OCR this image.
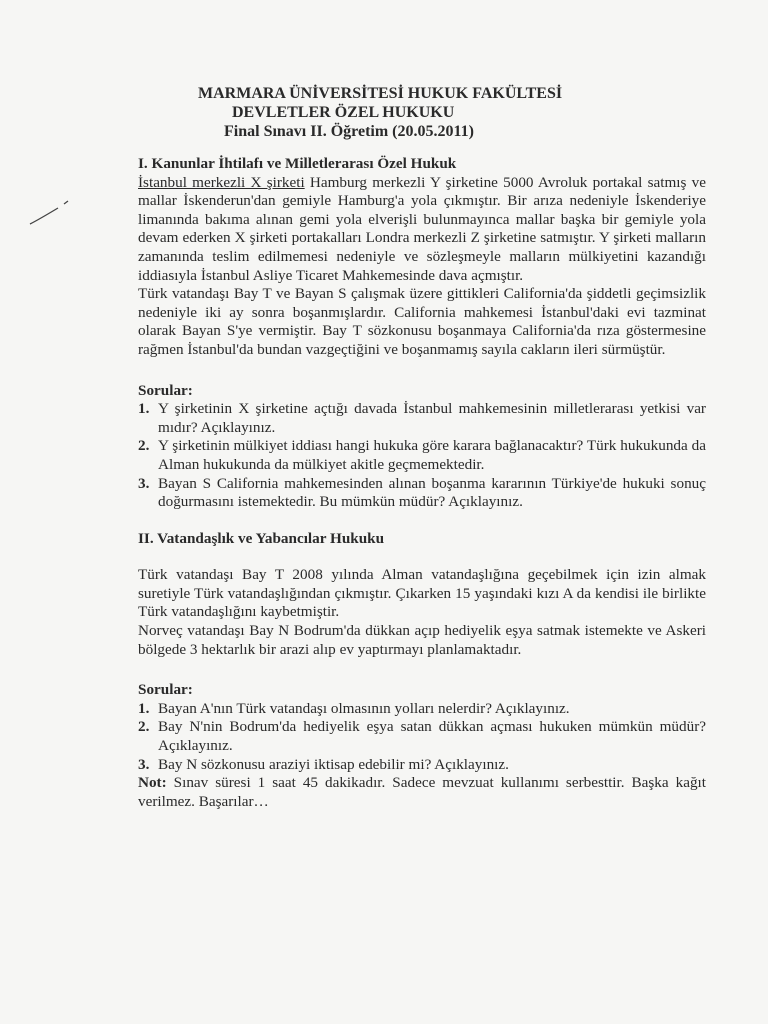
MARMARA ÜNİVERSİTESİ HUKUK FAKÜLTESİ
DEVLETLER ÖZEL HUKUKU
Final Sınavı II. Öğretim (20.05.2011)

I. Kanunlar İhtilafı ve Milletlerarası Özel Hukuk

İstanbul merkezli X şirketi Hamburg merkezli Y şirketine 5000 Avroluk portakal satmış ve mallar İskenderun'dan gemiyle Hamburg'a yola çıkmıştır. Bir arıza nedeniyle İskenderiye limanında bakıma alınan gemi yola elverişli bulunmayınca mallar başka bir gemiyle yola devam ederken X şirketi portakalları Londra merkezli Z şirketine satmıştır. Y şirketi malların zamanında teslim edilmemesi nedeniyle ve sözleşmeyle malların mülkiyetini kazandığı iddiasıyla İstanbul Asliye Ticaret Mahkemesinde dava açmıştır.

Türk vatandaşı Bay T ve Bayan S çalışmak üzere gittikleri California'da şiddetli geçimsizlik nedeniyle iki ay sonra boşanmışlardır. California mahkemesi İstanbul'daki evi tazminat olarak Bayan S'ye vermiştir. Bay T sözkonusu boşanmaya California'da rıza göstermesine rağmen İstanbul'da bundan vazgeçtiğini ve boşanmamış sayıla cakların ileri sürmüştür.

Sorular:

1. Y şirketinin X şirketine açtığı davada İstanbul mahkemesinin milletlerarası yetkisi var mıdır? Açıklayınız.
2. Y şirketinin mülkiyet iddiası hangi hukuka göre karara bağlanacaktır? Türk hukukunda da Alman hukukunda da mülkiyet akitle geçmemektedir.
3. Bayan S California mahkemesinden alınan boşanma kararının Türkiye'de hukuki sonuç doğurmasını istemektedir. Bu mümkün müdür? Açıklayınız.

II. Vatandaşlık ve Yabancılar Hukuku

Türk vatandaşı Bay T 2008 yılında Alman vatandaşlığına geçebilmek için izin almak suretiyle Türk vatandaşlığından çıkmıştır. Çıkarken 15 yaşındaki kızı A da kendisi ile birlikte Türk vatandaşlığını kaybetmiştir.

Norveç vatandaşı Bay N Bodrum'da dükkan açıp hediyelik eşya satmak istemekte ve Askeri bölgede 3 hektarlık bir arazi alıp ev yaptırmayı planlamaktadır.

Sorular:

1. Bayan A'nın Türk vatandaşı olmasının yolları nelerdir? Açıklayınız.
2. Bay N'nin Bodrum'da hediyelik eşya satan dükkan açması hukuken mümkün müdür? Açıklayınız.
3. Bay N sözkonusu araziyi iktisap edebilir mi? Açıklayınız.

Not: Sınav süresi 1 saat 45 dakikadır. Sadece mevzuat kullanımı serbesttir. Başka kağıt verilmez. Başarılar…
